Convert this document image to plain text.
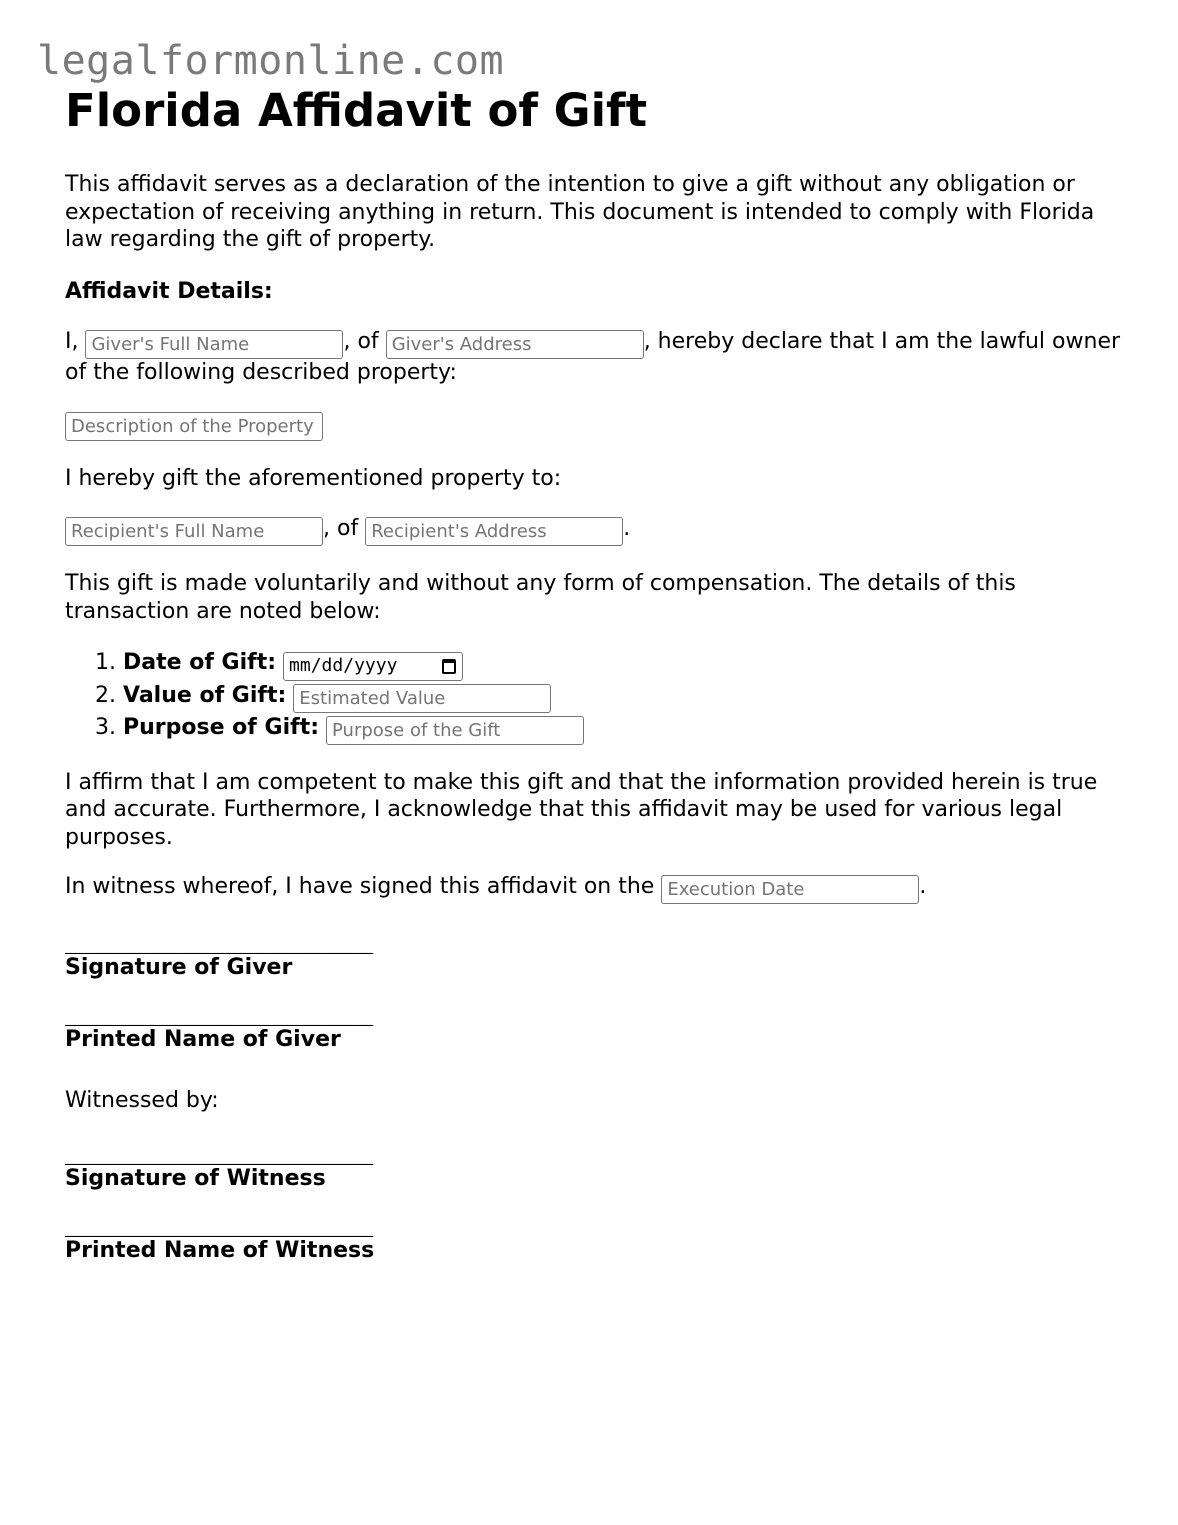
legalformonline.com
Florida Affidavit of Gift

This affidavit serves as a declaration of the intention to give a gift without any obligation or expectation of receiving anything in return. This document is intended to comply with Florida law regarding the gift of property.

Affidavit Details:

I, Giver's Full Name	, of Giver's Address	, hereby declare that I am the lawful owner of the following described property:

Description of the Property

I hereby gift the aforementioned property to:

Recipient's Full Name, of Recipient's Address	.

This gift is made voluntarily and without any form of compensation. The details of this transaction are noted below:

1. Date of Gift: mm/dd/yyyy
2. Value of Gift: Estimated Value
3. Purpose of Gift: Purpose of the Gift

I affirm that I am competent to make this gift and that the information provided herein is true and accurate. Furthermore, I acknowledge that this affidavit may be used for various legal purposes.

In witness whereof, I have signed this affidavit on the Execution Date	.

____________________________
Signature of Giver
____________________________
Printed Name of Giver

Witnessed by:

____________________________
Signature of Witness
____________________________
Printed Name of Witness
